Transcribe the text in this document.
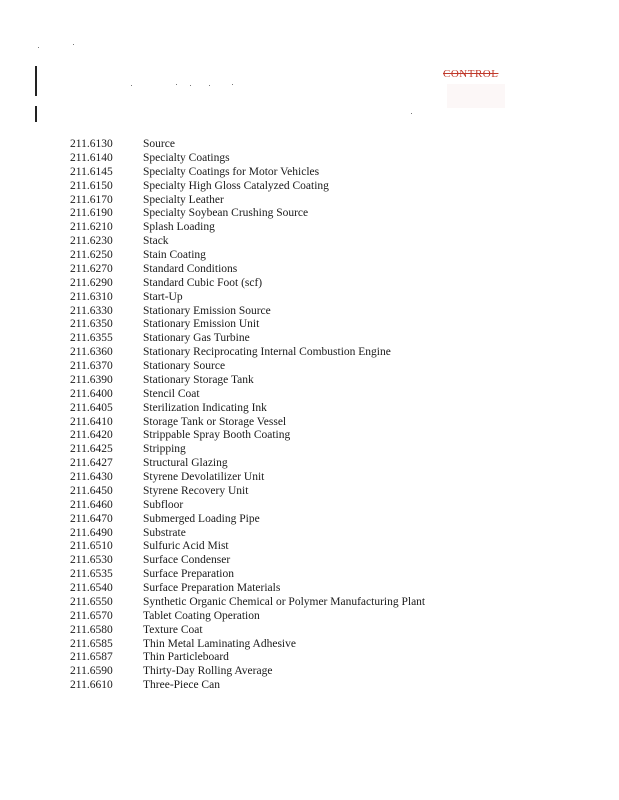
CONTROL
211.6130	Source
211.6140	Specialty Coatings
211.6145	Specialty Coatings for Motor Vehicles
211.6150	Specialty High Gloss Catalyzed Coating
211.6170	Specialty Leather
211.6190	Specialty Soybean Crushing Source
211.6210	Splash Loading
211.6230	Stack
211.6250	Stain Coating
211.6270	Standard Conditions
211.6290	Standard Cubic Foot (scf)
211.6310	Start-Up
211.6330	Stationary Emission Source
211.6350	Stationary Emission Unit
211.6355	Stationary Gas Turbine
211.6360	Stationary Reciprocating Internal Combustion Engine
211.6370	Stationary Source
211.6390	Stationary Storage Tank
211.6400	Stencil Coat
211.6405	Sterilization Indicating Ink
211.6410	Storage Tank or Storage Vessel
211.6420	Strippable Spray Booth Coating
211.6425	Stripping
211.6427	Structural Glazing
211.6430	Styrene Devolatilizer Unit
211.6450	Styrene Recovery Unit
211.6460	Subfloor
211.6470	Submerged Loading Pipe
211.6490	Substrate
211.6510	Sulfuric Acid Mist
211.6530	Surface Condenser
211.6535	Surface Preparation
211.6540	Surface Preparation Materials
211.6550	Synthetic Organic Chemical or Polymer Manufacturing Plant
211.6570	Tablet Coating Operation
211.6580	Texture Coat
211.6585	Thin Metal Laminating Adhesive
211.6587	Thin Particleboard
211.6590	Thirty-Day Rolling Average
211.6610	Three-Piece Can
